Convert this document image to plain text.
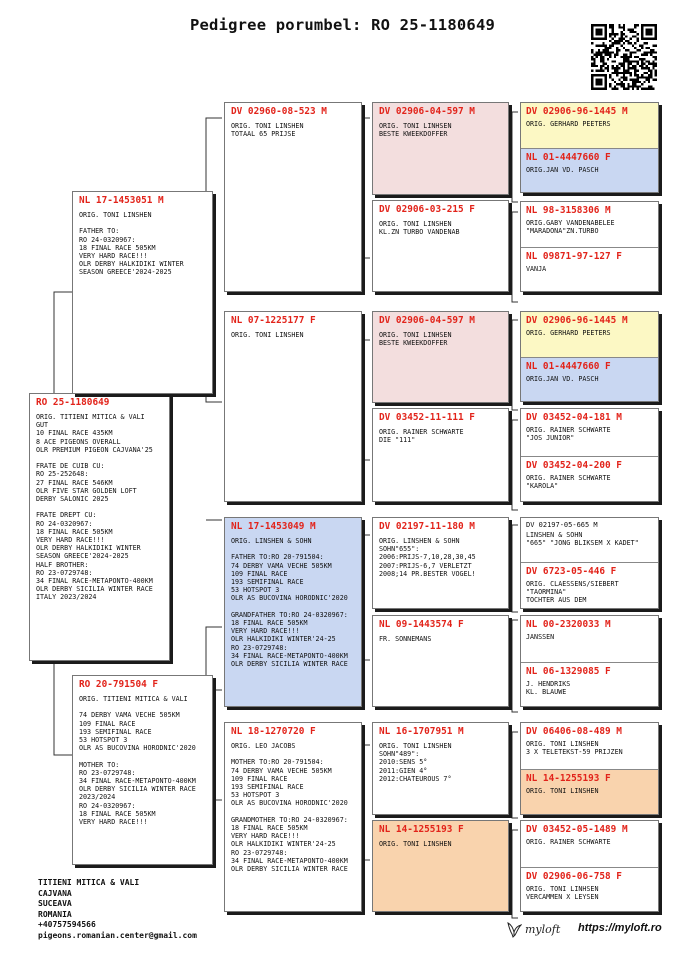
Pedigree porumbel: RO 25-1180649
RO 25-1180649
ORIG. TITIENI MITICA & VALI
GUT
10 FINAL RACE 435KM
8 ACE PIGEONS OVERALL
OLR PREMIUM PIGEON CAJVANA'25

FRATE DE CUIB CU:
RO 25-252648:
27 FINAL RACE 546KM
OLR FIVE STAR GOLDEN LOFT
DERBY SALONIC 2025

FRATE DREPT CU:
RO 24-0320967:
18 FINAL RACE 505KM
VERY HARD RACE!!!
OLR DERBY HALKIDIKI WINTER
SEASON GREECE'2024-2025
HALF BROTHER:
RO 23-0729748:
34 FINAL RACE-METAPONTO-400KM
OLR DERBY SICILIA WINTER RACE
ITALY 2023/2024
NL 17-1453051 M
ORIG. TONI LINSHEN

FATHER TO:
RO 24-0320967:
18 FINAL RACE 505KM
VERY HARD RACE!!!
OLR DERBY HALKIDIKI WINTER
SEASON GREECE'2024-2025
RO 20-791504 F
ORIG. TITIENI MITICA & VALI

74 DERBY VAMA VECHE 505KM
109 FINAL RACE
193 SEMIFINAL RACE
53 HOTSPOT 3
OLR AS BUCOVINA HORODNIC'2020

MOTHER TO:
RO 23-0729748:
34 FINAL RACE-METAPONTO-400KM
OLR DERBY SICILIA WINTER RACE
2023/2024
RO 24-0320967:
18 FINAL RACE 505KM
VERY HARD RACE!!!
DV 02960-08-523 M
ORIG. TONI LINSHEN
TOTAAL 65 PRIJSE
NL 07-1225177 F
ORIG. TONI LINSHEN
NL 17-1453049 M
ORIG. LINSHEN & SOHN

FATHER TO:RO 20-791504:
74 DERBY VAMA VECHE 505KM
109 FINAL RACE
193 SEMIFINAL RACE
53 HOTSPOT 3
OLR AS BUCOVINA HORODNIC'2020

GRANDFATHER TO:RO 24-0320967:
18 FINAL RACE 505KM
VERY HARD RACE!!!
OLR HALKIDIKI WINTER'24-25
RO 23-0729748:
34 FINAL RACE-METAPONTO-400KM
OLR DERBY SICILIA WINTER RACE
NL 18-1270720 F
ORIG. LEO JACOBS

MOTHER TO:RO 20-791504:
74 DERBY VAMA VECHE 505KM
109 FINAL RACE
193 SEMIFINAL RACE
53 HOTSPOT 3
OLR AS BUCOVINA HORODNIC'2020

GRANDMOTHER TO:RO 24-0320967:
18 FINAL RACE 505KM
VERY HARD RACE!!!
OLR HALKIDIKI WINTER'24-25
RO 23-0729748:
34 FINAL RACE-METAPONTO-400KM
OLR DERBY SICILIA WINTER RACE
DV 02906-04-597 M
ORIG. TONI LINHSEN
BESTE KWEEKDOFFER
DV 02906-03-215 F
ORIG. TONI LINSHEN
KL.ZN TURBO VANDENAB
DV 02906-04-597 M
ORIG. TONI LINHSEN
BESTE KWEEKDOFFER
DV 03452-11-111 F
ORIG. RAINER SCHWARTE
DIE "111"
DV 02197-11-180 M
ORIG. LINSHEN & SOHN
SOHN"655":
2006:PRIJS-7,10,28,30,45
2007:PRIJS-6,7 VERLETZT
2008;14 PR.BESTER VOGEL!
NL 09-1443574 F
FR. SONNEMANS
NL 16-1707951 M
ORIG. TONI LINSHEN
SOHN"489":
2010:SENS 5°
2011:GIEN 4°
2012:CHATEUROUS 7°
NL 14-1255193 F
ORIG. TONI LINSHEN
DV 02906-96-1445 M
ORIG. GERHARD PEETERS
NL 01-4447660 F
ORIG.JAN VD. PASCH
NL 98-3158306 M
ORIG.GABY VANDENABELEE
"MARADONA"ZN.TURBO
NL 09871-97-127 F
VANJA
DV 02906-96-1445 M
ORIG. GERHARD PEETERS
NL 01-4447660 F
ORIG.JAN VD. PASCH
DV 03452-04-181 M
ORIG. RAINER SCHWARTE
"JOS JUNIOR"
DV 03452-04-200 F
ORIG. RAINER SCHWARTE
"KAROLA"
DV 02197-05-665 M
LINSHEN & SOHN
"665" "JONG BLIKSEM X KADET"
DV 6723-05-446 F
ORIG. CLAESSENS/SIEBERT
"TAORMINA"
TOCHTER AUS DEM
NL 00-2320033 M
JANSSEN
NL 06-1329085 F
J. HENDRIKS
KL. BLAUWE
DV 06406-08-489 M
ORIG. TONI LINSHEN
3 X TELETEKST-59 PRIJZEN
NL 14-1255193 F
ORIG. TONI LINSHEN
DV 03452-05-1489 M
ORIG. RAINER SCHWARTE
DV 02906-06-758 F
ORIG. TONI LINHSEN
VERCAMMEN X LEYSEN
TITIENI MITICA & VALI
CAJVANA
SUCEAVA
ROMANIA
+40757594566
pigeons.romanian.center@gmail.com	myloft https://myloft.ro
